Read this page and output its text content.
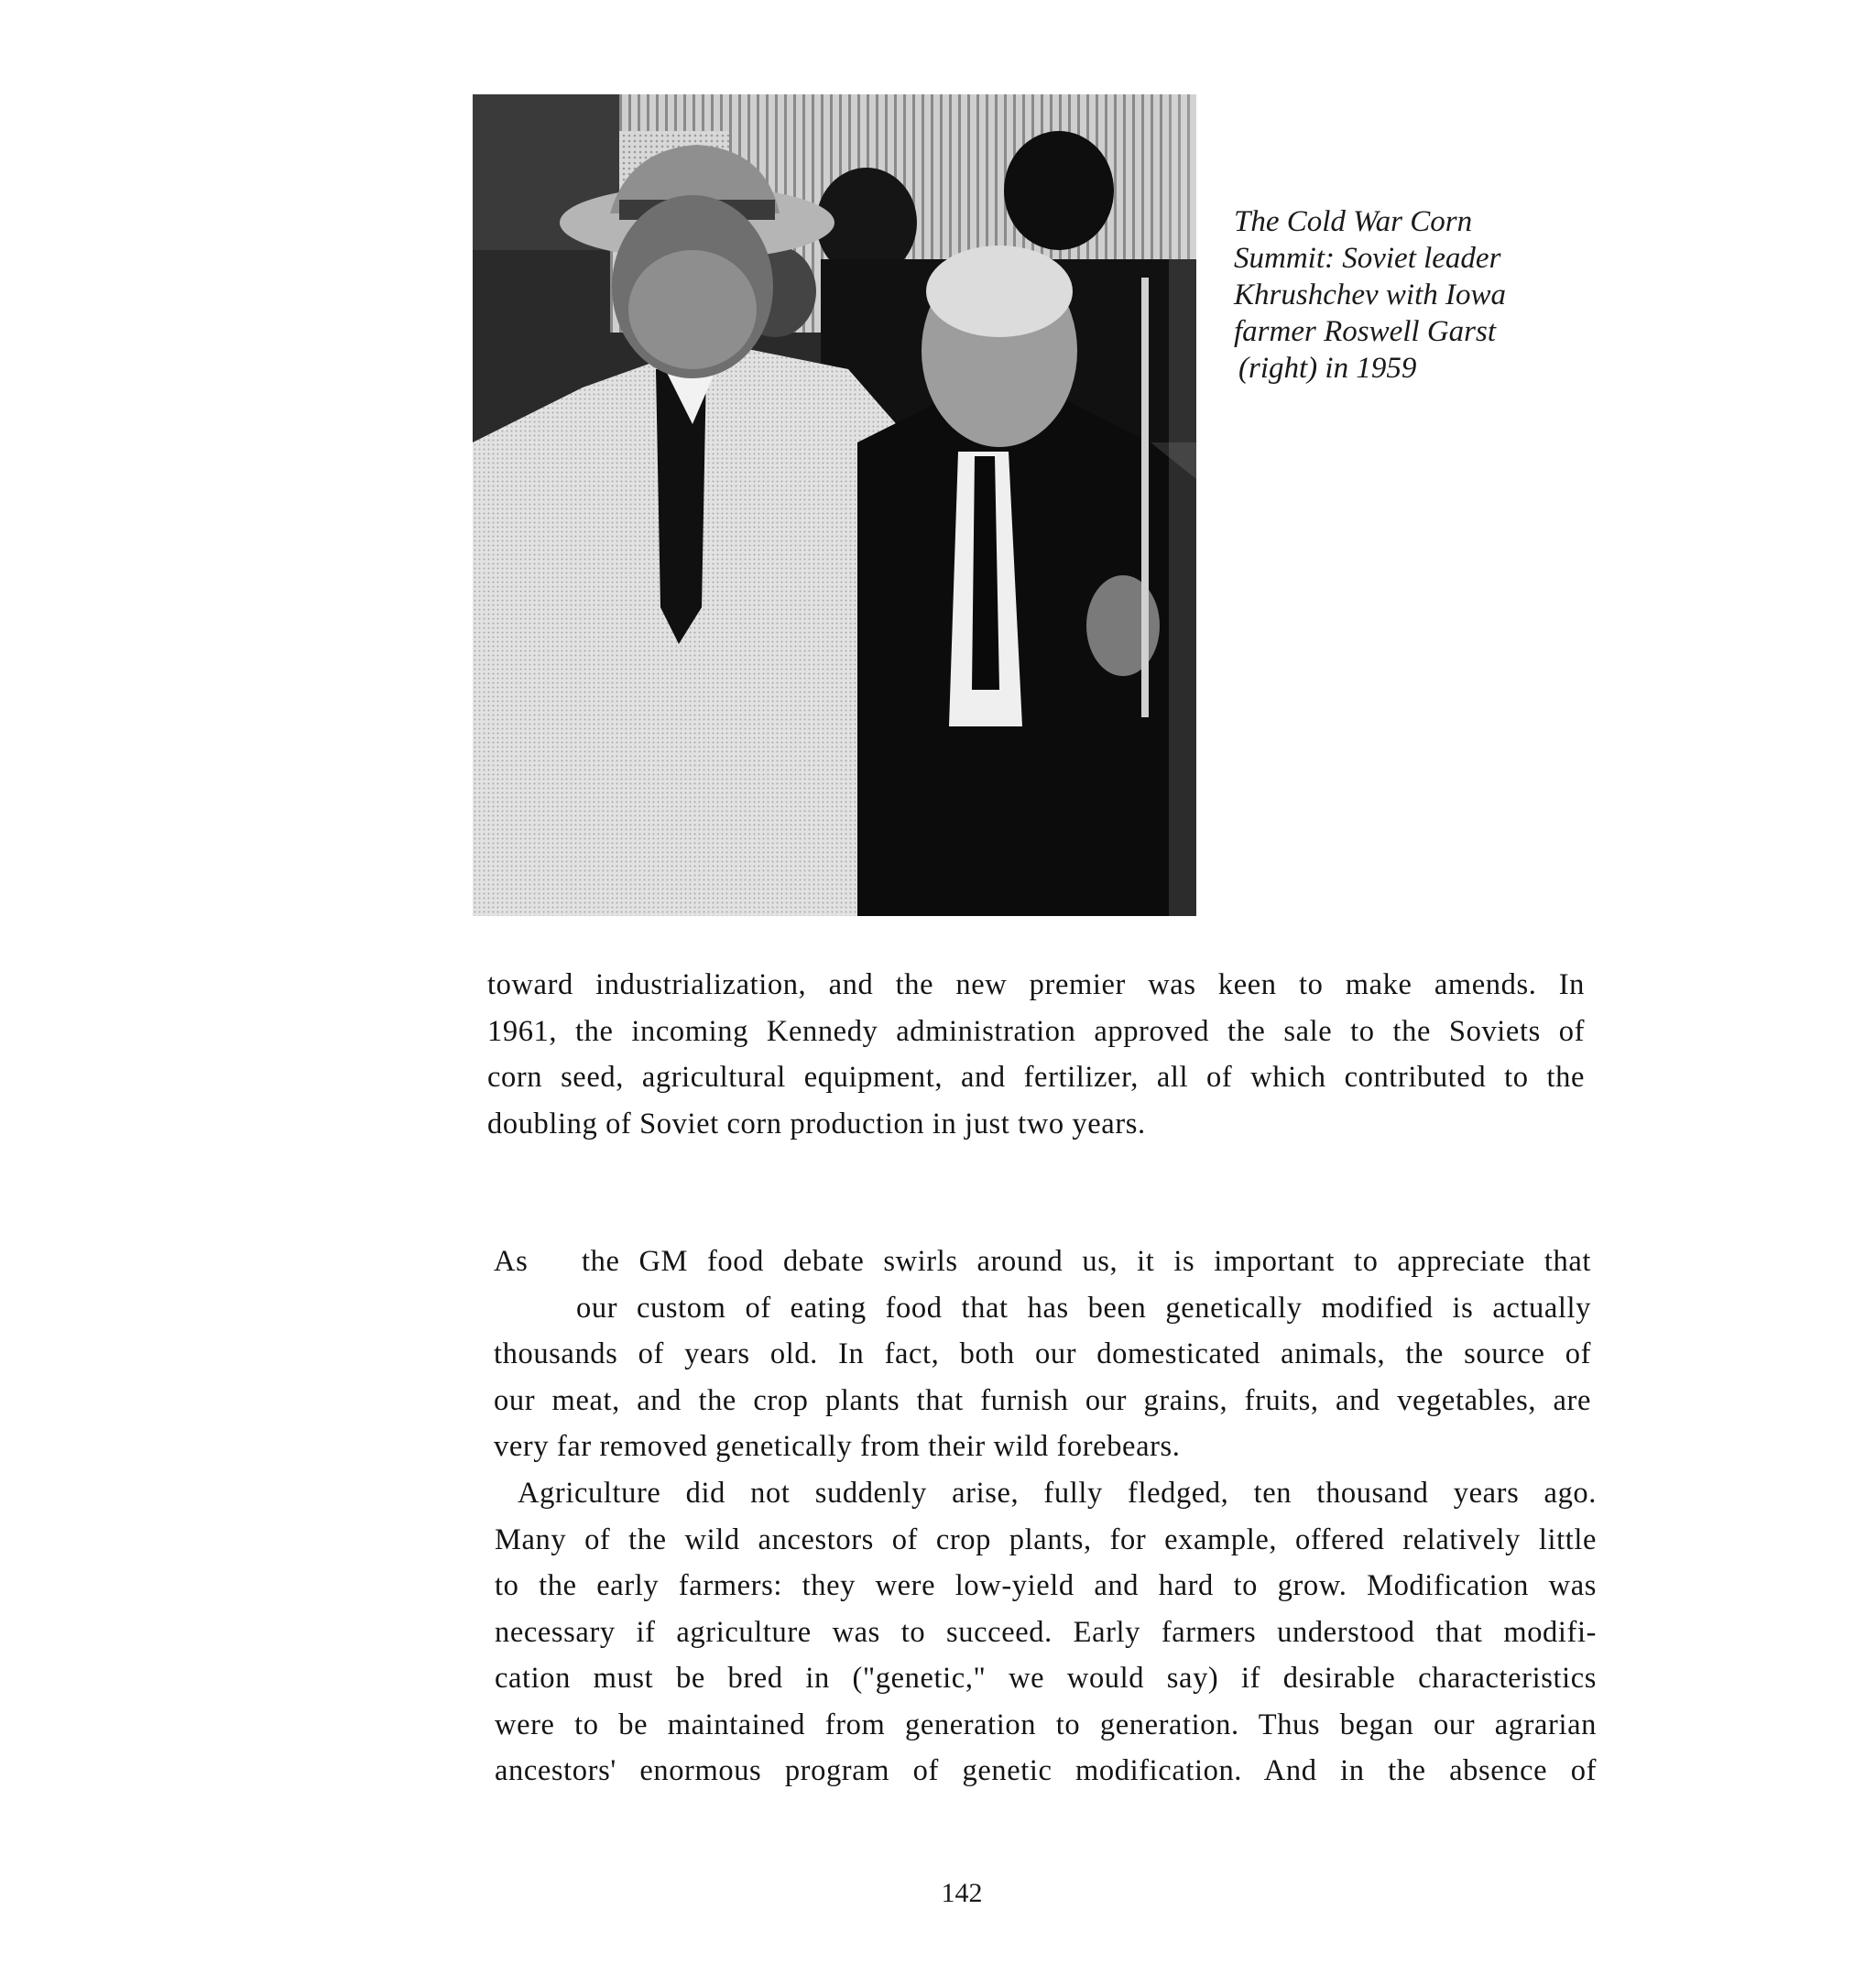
The Cold War Corn
Summit: Soviet leader
Khrushchev with Iowa
farmer Roswell Garst
(right) in 1959
toward industrialization, and the new premier was keen to make amends. In
1961, the incoming Kennedy administration approved the sale to the Soviets of
corn seed, agricultural equipment, and fertilizer, all of which contributed to the
doubling of Soviet corn production in just two years.
As	the GM food debate swirls around us, it is important to appreciate that
our custom of eating food that has been genetically modified is actually
thousands of years old. In fact, both our domesticated animals, the source of
our meat, and the crop plants that furnish our grains, fruits, and vegetables, are
very far removed genetically from their wild forebears.
Agriculture did not suddenly arise, fully fledged, ten thousand years ago.
Many of the wild ancestors of crop plants, for example, offered relatively little
to the early farmers: they were low-yield and hard to grow. Modification was
necessary if agriculture was to succeed. Early farmers understood that modifi-
cation must be bred in ("genetic," we would say) if desirable characteristics
were to be maintained from generation to generation. Thus began our agrarian
ancestors' enormous program of genetic modification. And in the absence of
142
